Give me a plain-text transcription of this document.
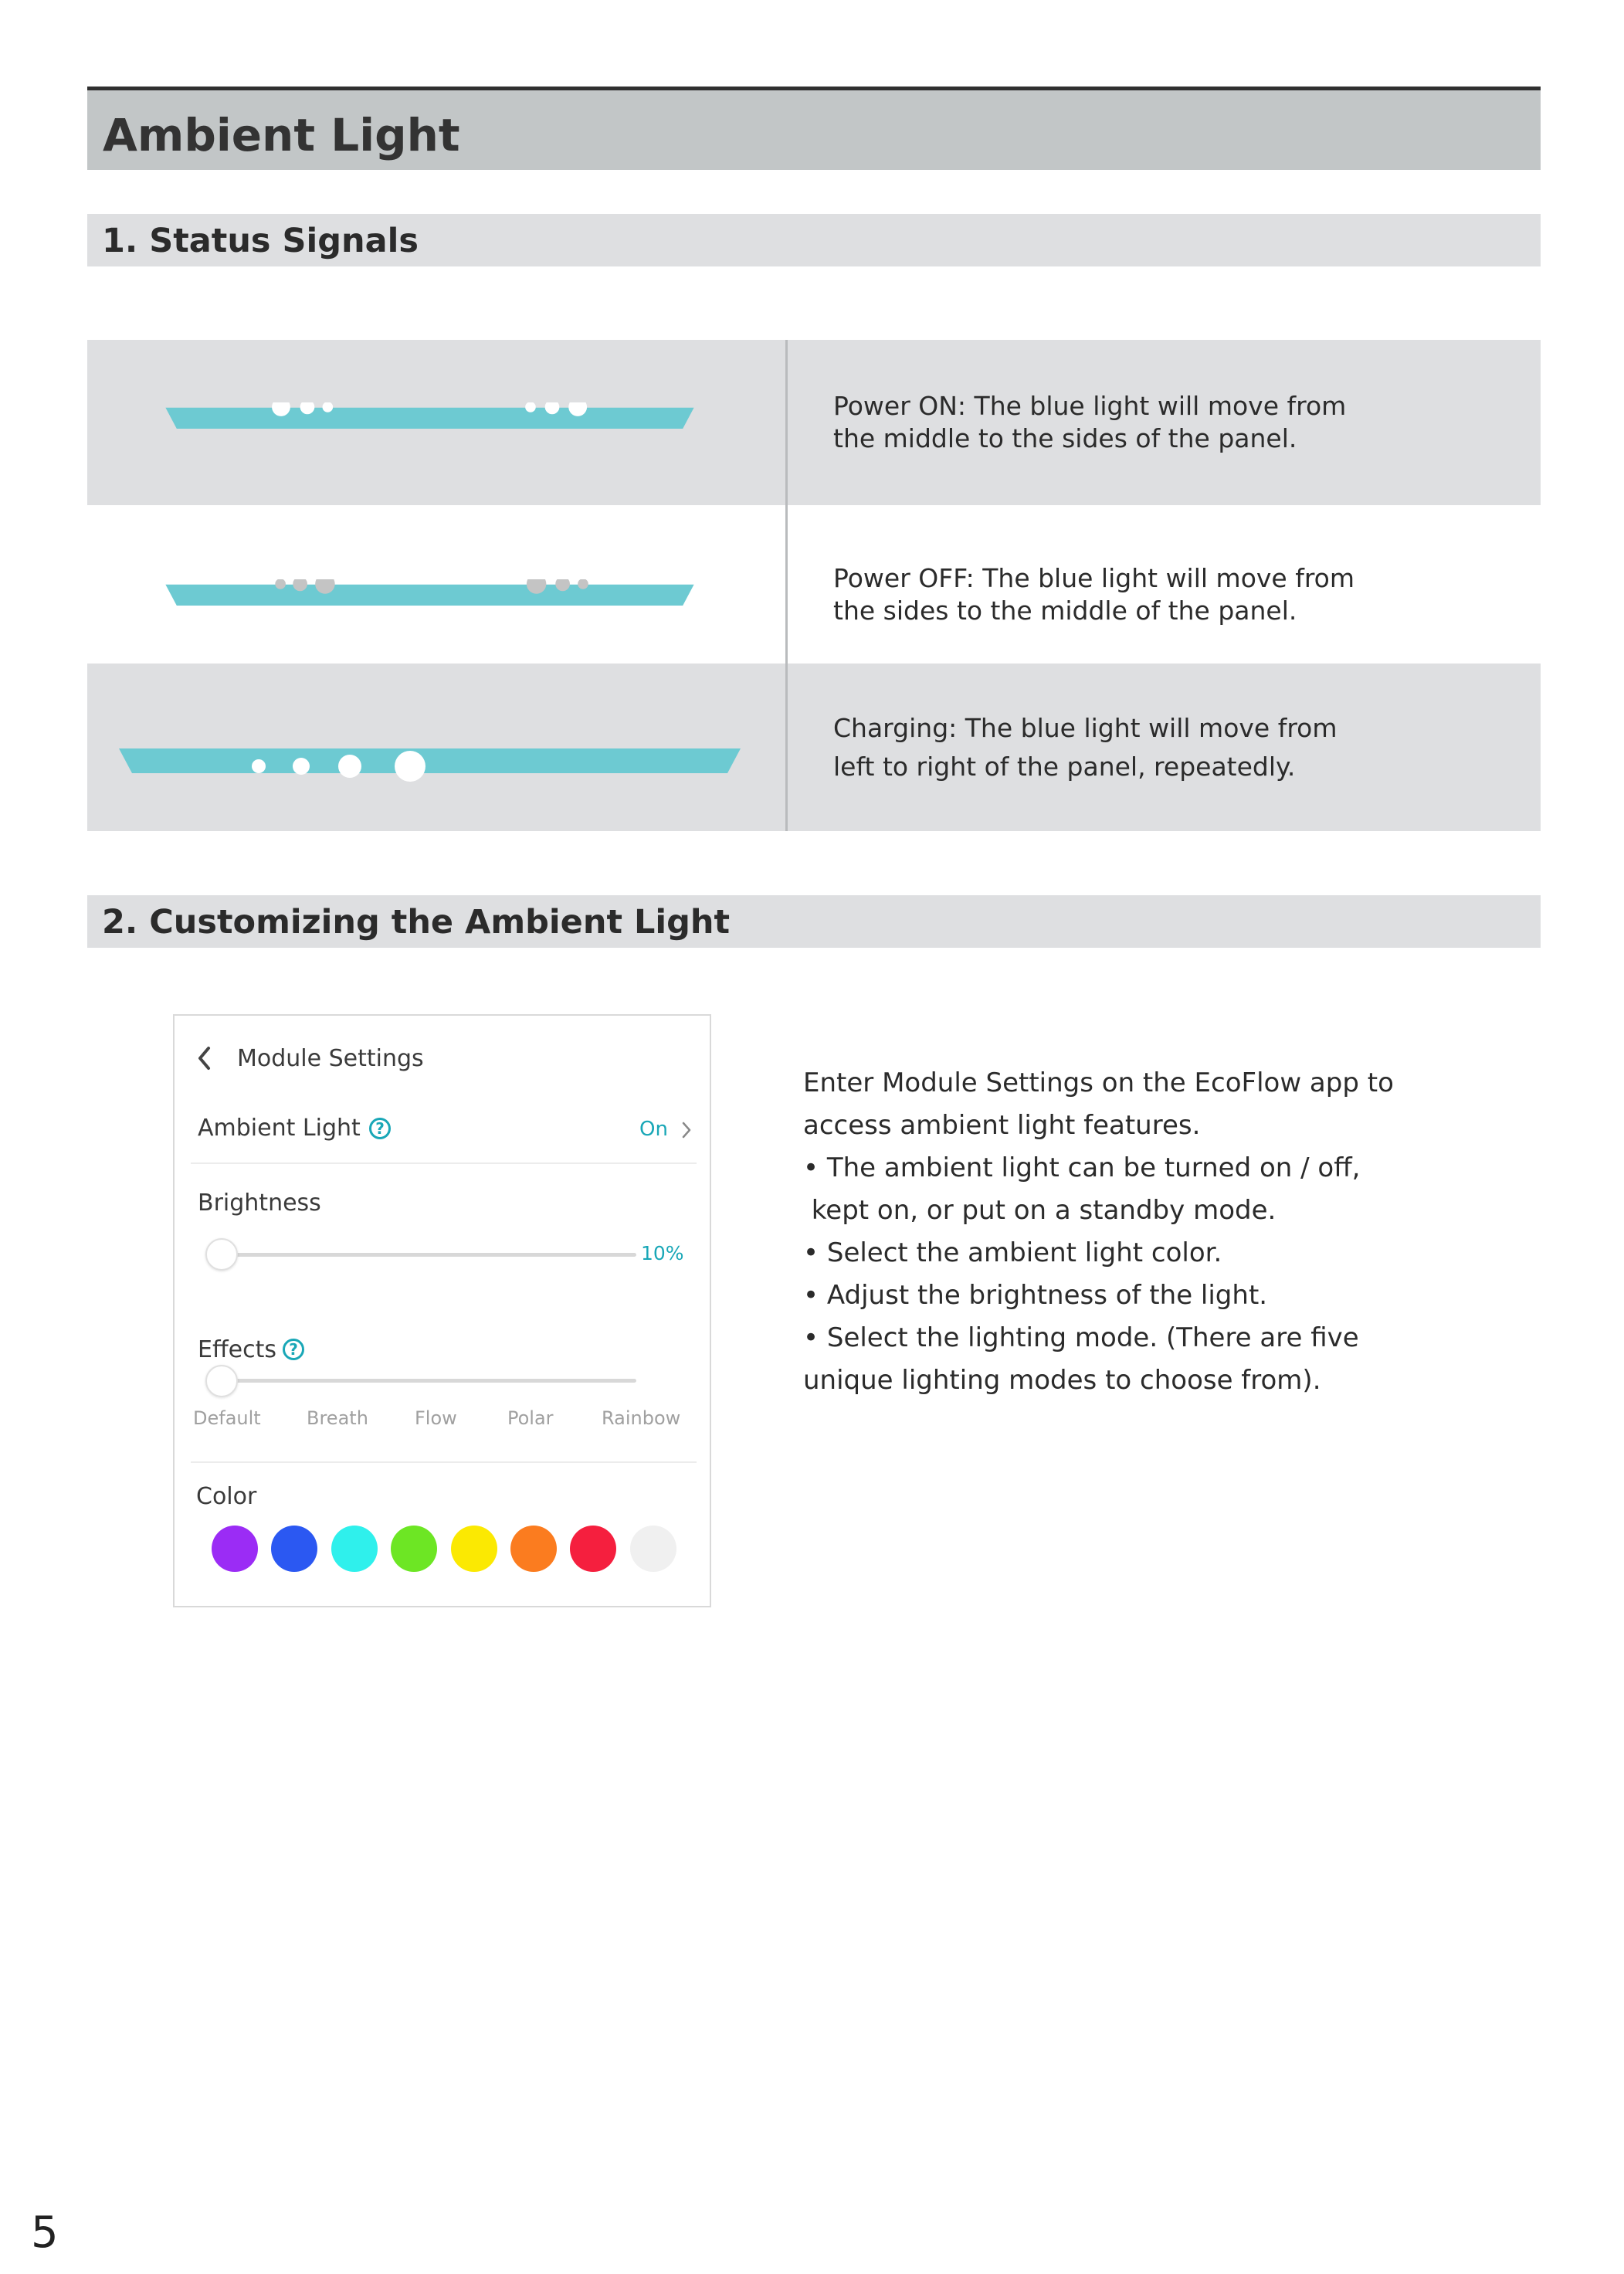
Ambient Light
1. Status Signals
Power ON: The blue light will move from
the middle to the sides of the panel.
Power OFF: The blue light will move from
the sides to the middle of the panel.
Charging: The blue light will move from
left to right of the panel, repeatedly.
2. Customizing the Ambient Light
Module Settings
Ambient Light ?	On
Brightness
10%
Effects ?
Default Breath	Flow	Polar	Rainbow
Color
Enter Module Settings on the EcoFlow app to
access ambient light features.
• The ambient light can be turned on / off,
kept on, or put on a standby mode.
• Select the ambient light color.
• Adjust the brightness of the light.
• Select the lighting mode. (There are five
unique lighting modes to choose from).
5
